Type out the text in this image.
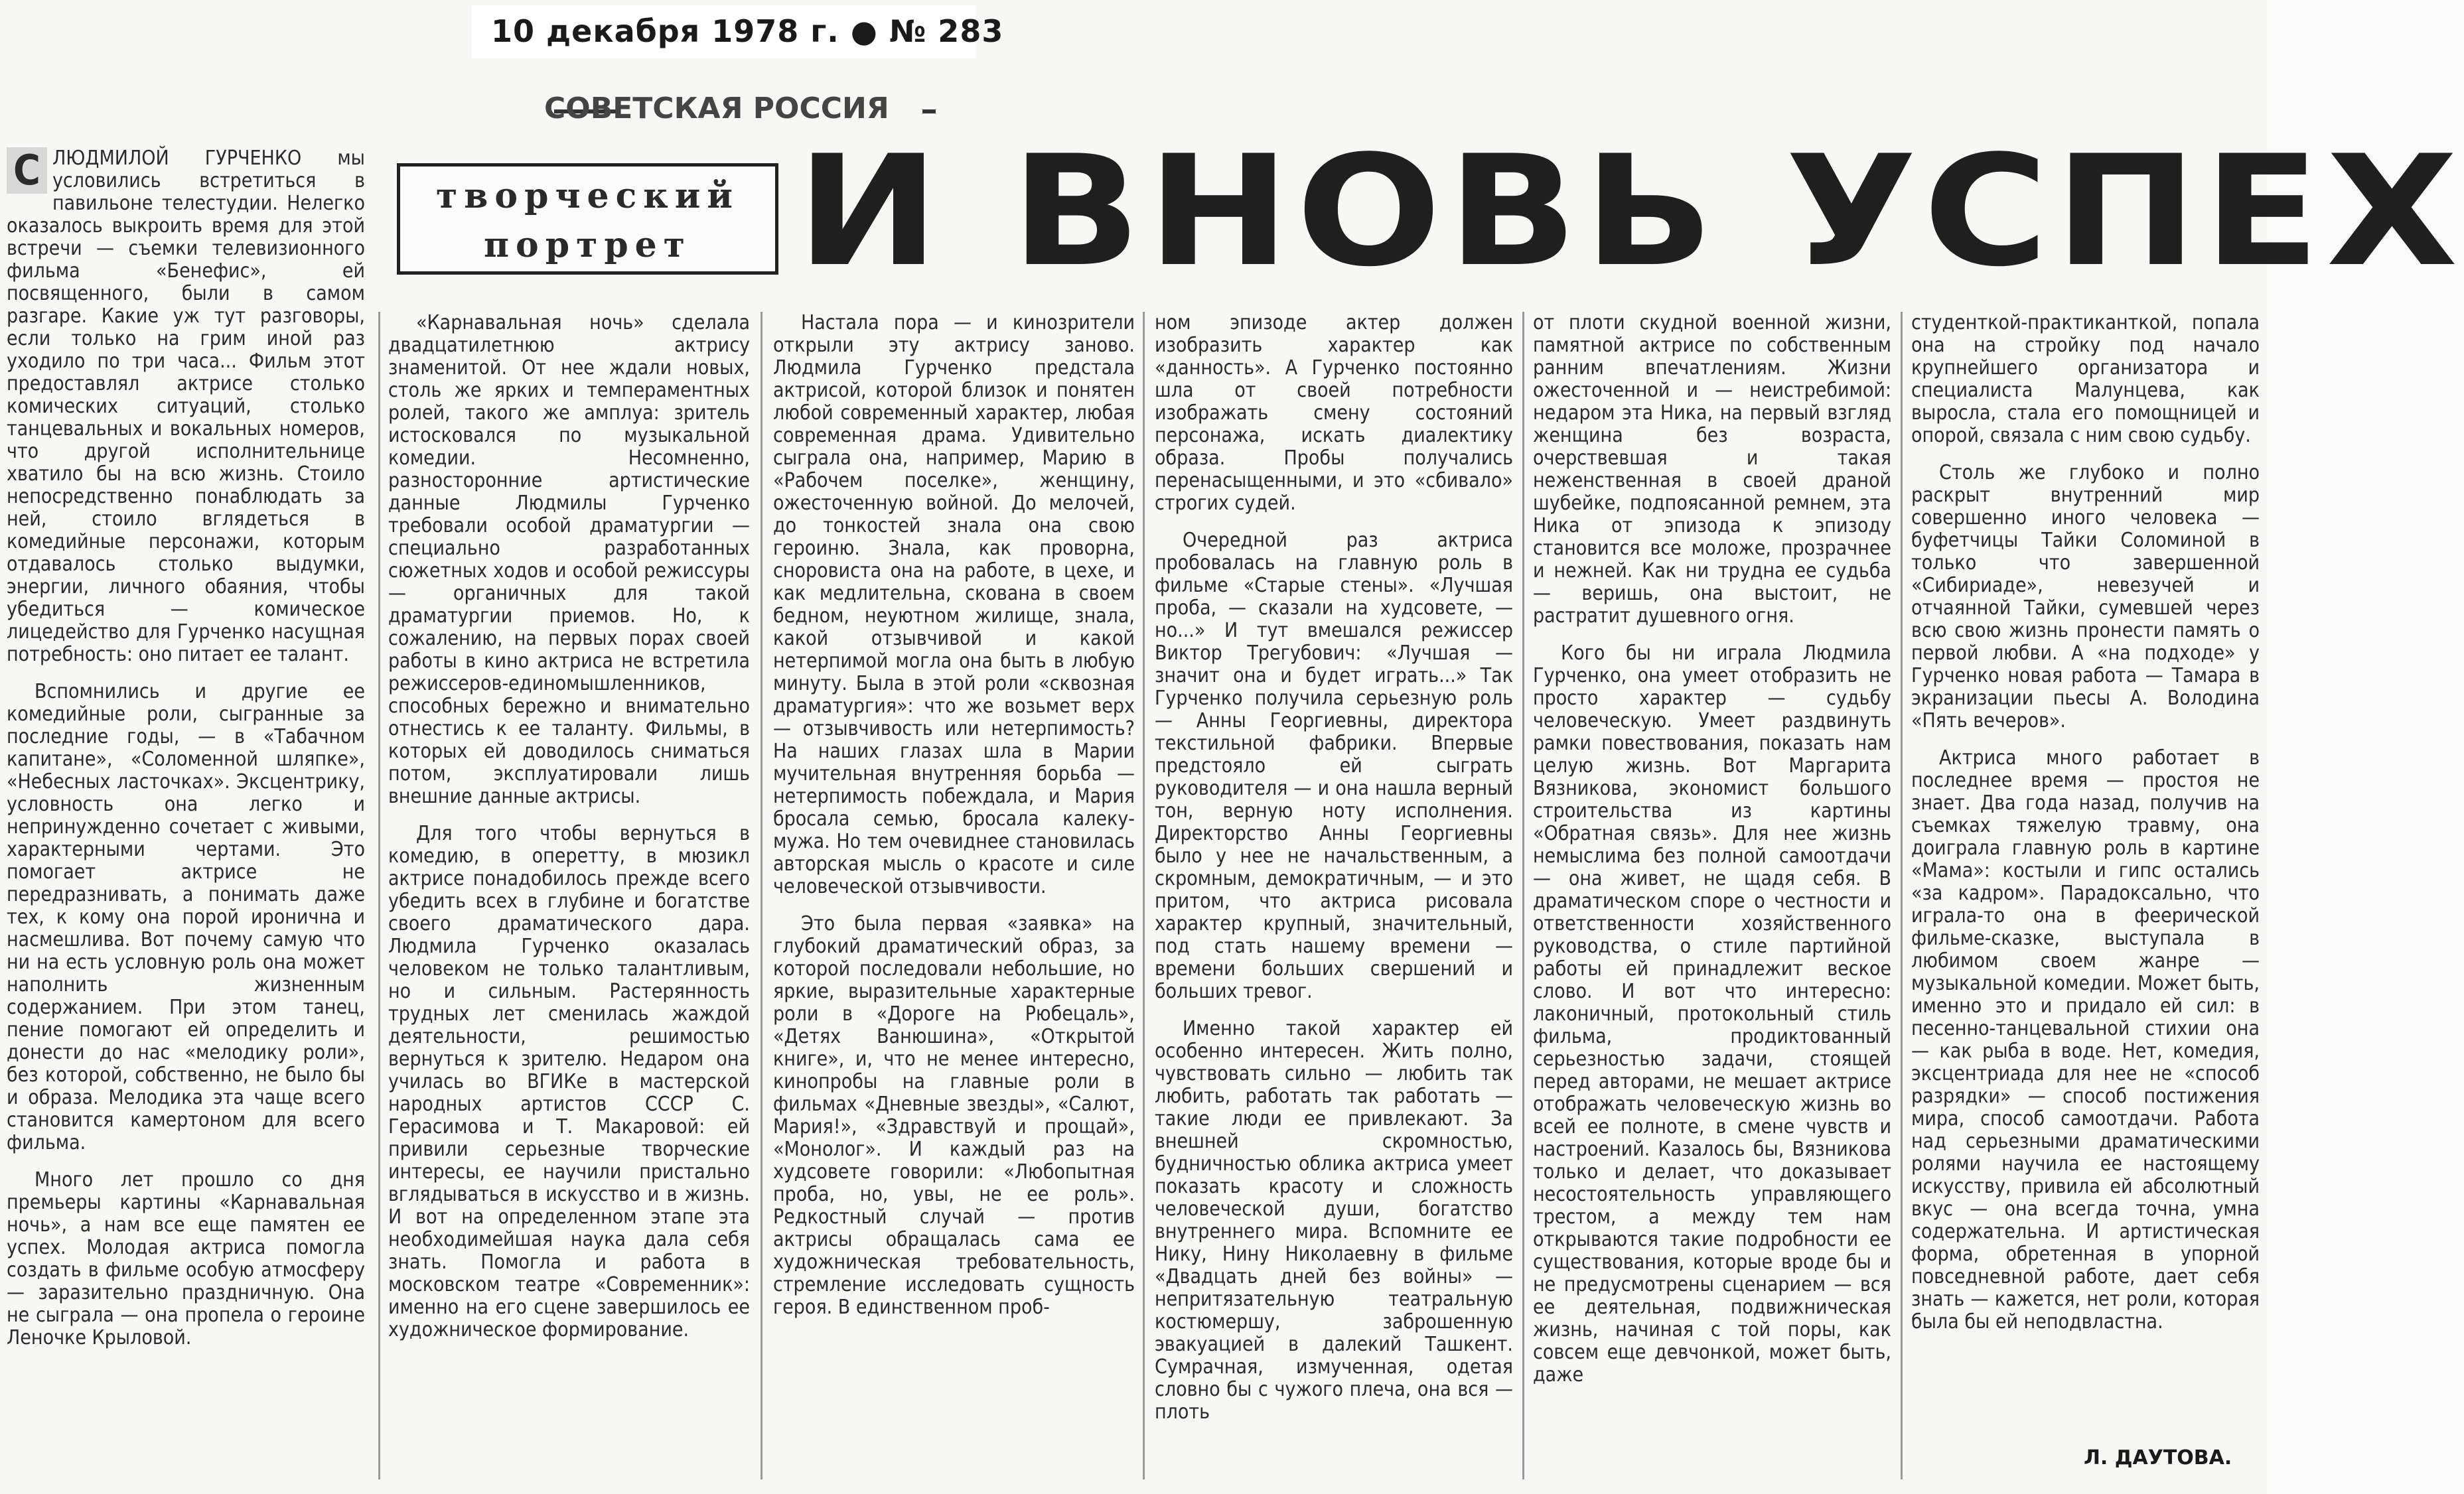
10 декабря 1978 г. ● № 283
СОВЕТСКАЯ РОССИЯ
творческий
портрет И ВНОВЬ УСПЕХ

С ЛЮДМИЛОЙ ГУРЧЕНКО мы условились встретиться в павильоне телестудии. Нелегко оказалось выкроить время для этой встречи — съемки телевизионного фильма «Бенефис», ей посвященного, были в самом разгаре. Какие уж тут разговоры, если только на грим иной раз уходило по три часа... Фильм этот предоставлял актрисе столько комических ситуаций, столько танцевальных и вокальных номеров, что другой исполнительнице хватило бы на всю жизнь. Стоило непосредственно понаблюдать за ней, стоило вглядеться в комедийные персонажи, которым отдавалось столько выдумки, энергии, личного обаяния, чтобы убедиться — комическое лицедейство для Гурченко насущная потребность: оно питает ее талант.

Вспомнились и другие ее комедийные роли, сыгранные за последние годы, — в «Табачном капитане», «Соломенной шляпке», «Небесных ласточках». Эксцентрику, условность она легко и непринужденно сочетает с живыми, характерными чертами. Это помогает актрисе не передразнивать, а понимать даже тех, к кому она порой иронична и насмешлива. Вот почему самую что ни на есть условную роль она может наполнить жизненным содержанием. При этом танец, пение помогают ей определить и донести до нас «мелодику роли», без которой, собственно, не было бы и образа. Мелодика эта чаще всего становится камертоном для всего фильма.

Много лет прошло со дня премьеры картины «Карнавальная ночь», а нам все еще памятен ее успех. Молодая актриса помогла создать в фильме особую атмосферу — заразительно праздничную. Она не сыграла — она пропела о героине Леночке Крыловой.

«Карнавальная ночь» сделала двадцатилетнюю актрису знаменитой. От нее ждали новых, столь же ярких и темпераментных ролей, такого же амплуа: зритель истосковался по музыкальной комедии. Несомненно, разносторонние артистические данные Людмилы Гурченко требовали особой драматургии — специально разработанных сюжетных ходов и особой режиссуры — органичных для такой драматургии приемов. Но, к сожалению, на первых порах своей работы в кино актриса не встретила режиссеров-единомышленников, способных бережно и внимательно отнестись к ее таланту. Фильмы, в которых ей доводилось сниматься потом, эксплуатировали лишь внешние данные актрисы.

Для того чтобы вернуться в комедию, в оперетту, в мюзикл актрисе понадобилось прежде всего убедить всех в глубине и богатстве своего драматического дара. Людмила Гурченко оказалась человеком не только талантливым, но и сильным. Растерянность трудных лет сменилась жаждой деятельности, решимостью вернуться к зрителю. Недаром она училась во ВГИКе в мастерской народных артистов СССР С. Герасимова и Т. Макаровой: ей привили серьезные творческие интересы, ее научили пристально вглядываться в искусство и в жизнь. И вот на определенном этапе эта необходимейшая наука дала себя знать. Помогла и работа в московском театре «Современник»: именно на его сцене завершилось ее художническое формирование.

Настала пора — и кинозрители открыли эту актрису заново. Людмила Гурченко предстала актрисой, которой близок и понятен любой современный характер, любая современная драма. Удивительно сыграла она, например, Марию в «Рабочем поселке», женщину, ожесточенную войной. До мелочей, до тонкостей знала она свою героиню. Знала, как проворна, сноровиста она на работе, в цехе, и как медлительна, скована в своем бедном, неуютном жилище, знала, какой отзывчивой и какой нетерпимой могла она быть в любую минуту. Была в этой роли «сквозная драматургия»: что же возьмет верх — отзывчивость или нетерпимость? На наших глазах шла в Марии мучительная внутренняя борьба — нетерпимость побеждала, и Мария бросала семью, бросала калеку-мужа. Но тем очевиднее становилась авторская мысль о красоте и силе человеческой отзывчивости.

Это была первая «заявка» на глубокий драматический образ, за которой последовали небольшие, но яркие, выразительные характерные роли в «Дороге на Рюбецаль», «Детях Ванюшина», «Открытой книге», и, что не менее интересно, кинопробы на главные роли в фильмах «Дневные звезды», «Салют, Мария!», «Здравствуй и прощай», «Монолог». И каждый раз на худсовете говорили: «Любопытная проба, но, увы, не ее роль». Редкостный случай — против актрисы обращалась сама ее художническая требовательность, стремление исследовать сущность героя. В единственном проб-

ном эпизоде актер должен изобразить характер как «данность». А Гурченко постоянно шла от своей потребности изображать смену состояний персонажа, искать диалектику образа. Пробы получались перенасыщенными, и это «сбивало» строгих судей.

Очередной раз актриса пробовалась на главную роль в фильме «Старые стены». «Лучшая проба, — сказали на худсовете, — но...» И тут вмешался режиссер Виктор Трегубович: «Лучшая — значит она и будет играть...» Так Гурченко получила серьезную роль — Анны Георгиевны, директора текстильной фабрики. Впервые предстояло ей сыграть руководителя — и она нашла верный тон, верную ноту исполнения. Директорство Анны Георгиевны было у нее не начальственным, а скромным, демократичным, — и это притом, что актриса рисовала характер крупный, значительный, под стать нашему времени — времени больших свершений и больших тревог.

Именно такой характер ей особенно интересен. Жить полно, чувствовать сильно — любить так любить, работать так работать — такие люди ее привлекают. За внешней скромностью, будничностью облика актриса умеет показать красоту и сложность человеческой души, богатство внутреннего мира. Вспомните ее Нику, Нину Николаевну в фильме «Двадцать дней без войны» — непритязательную театральную костюмершу, заброшенную эвакуацией в далекий Ташкент. Сумрачная, измученная, одетая словно бы с чужого плеча, она вся — плоть

от плоти скудной военной жизни, памятной актрисе по собственным ранним впечатлениям. Жизни ожесточенной и — неистребимой: недаром эта Ника, на первый взгляд женщина без возраста, очерствевшая и такая неженственная в своей драной шубейке, подпоясанной ремнем, эта Ника от эпизода к эпизоду становится все моложе, прозрачнее и нежней. Как ни трудна ее судьба — веришь, она выстоит, не растратит душевного огня.

Кого бы ни играла Людмила Гурченко, она умеет отобразить не просто характер — судьбу человеческую. Умеет раздвинуть рамки повествования, показать нам целую жизнь. Вот Маргарита Вязникова, экономист большого строительства из картины «Обратная связь». Для нее жизнь немыслима без полной самоотдачи — она живет, не щадя себя. В драматическом споре о честности и ответственности хозяйственного руководства, о стиле партийной работы ей принадлежит веское слово. И вот что интересно: лаконичный, протокольный стиль фильма, продиктованный серьезностью задачи, стоящей перед авторами, не мешает актрисе отображать человеческую жизнь во всей ее полноте, в смене чувств и настроений. Казалось бы, Вязникова только и делает, что доказывает несостоятельность управляющего трестом, а между тем нам открываются такие подробности ее существования, которые вроде бы и не предусмотрены сценарием — вся ее деятельная, подвижническая жизнь, начиная с той поры, как совсем еще девчонкой, может быть, даже

студенткой-практиканткой, попала она на стройку под начало крупнейшего организатора и специалиста Малунцева, как выросла, стала его помощницей и опорой, связала с ним свою судьбу.

Столь же глубоко и полно раскрыт внутренний мир совершенно иного человека — буфетчицы Тайки Соломиной в только что завершенной «Сибириаде», невезучей и отчаянной Тайки, сумевшей через всю свою жизнь пронести память о первой любви. А «на подходе» у Гурченко новая работа — Тамара в экранизации пьесы А. Володина «Пять вечеров».

Актриса много работает в последнее время — простоя не знает. Два года назад, получив на съемках тяжелую травму, она доиграла главную роль в картине «Мама»: костыли и гипс остались «за кадром». Парадоксально, что играла-то она в феерической фильме-сказке, выступала в любимом своем жанре — музыкальной комедии. Может быть, именно это и придало ей сил: в песенно-танцевальной стихии она — как рыба в воде. Нет, комедия, эксцентриада для нее не «способ разрядки» — способ постижения мира, способ самоотдачи. Работа над серьезными драматическими ролями научила ее настоящему искусству, привила ей абсолютный вкус — она всегда точна, умна содержательна. И артистическая форма, обретенная в упорной повседневной работе, дает себя знать — кажется, нет роли, которая была бы ей неподвластна.

Л. ДАУТОВА.
